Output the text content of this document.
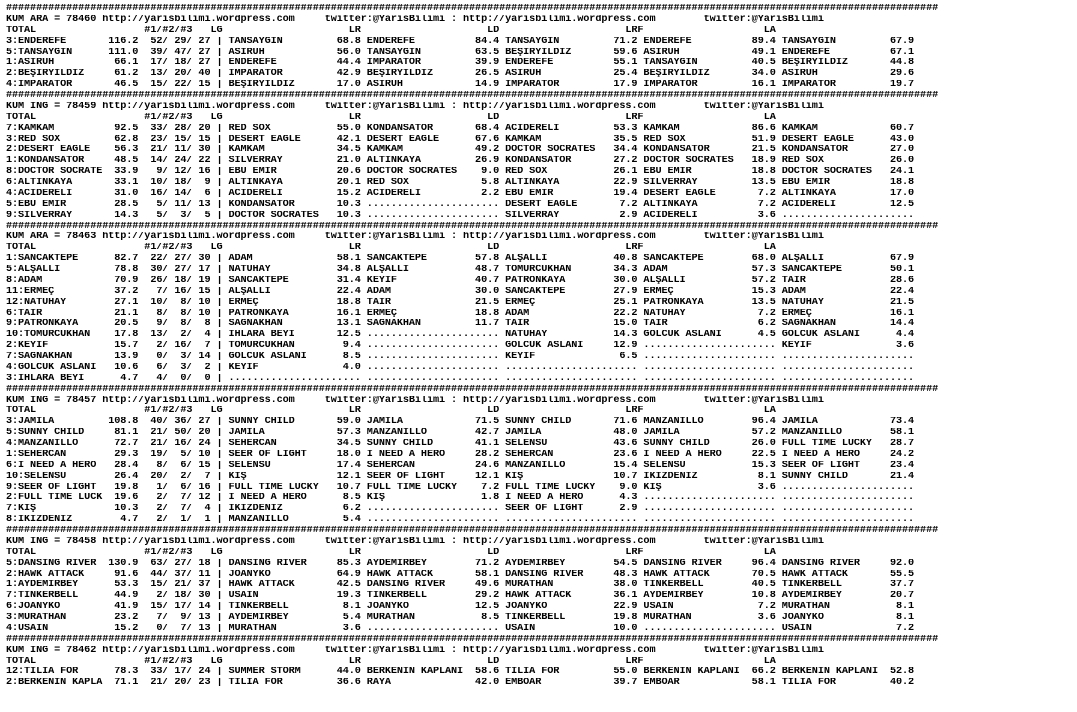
###########################################################################################################################################################
KUM ARA = 78460 http://yarisbilimi.wordpress.com     twitter:@YarisBilimi : http://yarisbilimi.wordpress.com        twitter:@YarisBilimi
TOTAL                  #1/#2/#3   LG                     LR                     LD                     LRF                    LA
3:ENDEREFE       116.2  52/ 29/ 27 | TANSAYGIN         68.8 ENDEREFE          84.4 TANSAYGIN         71.2 ENDEREFE          89.4 TANSAYGIN         67.9
5:TANSAYGIN      111.0  39/ 47/ 27 | ASIRUH            56.0 TANSAYGIN         63.5 BEŞİRYILDIZ       59.6 ASIRUH            49.1 ENDEREFE          67.1
1:ASIRUH          66.1  17/ 18/ 27 | ENDEREFE          44.4 İMPARATOR         39.9 ENDEREFE          55.1 TANSAYGIN         40.5 BEŞİRYILDIZ       44.8
2:BEŞİRYILDIZ     61.2  13/ 20/ 40 | İMPARATOR         42.9 BEŞİRYILDIZ       26.5 ASIRUH            25.4 BEŞİRYILDIZ       34.0 ASIRUH            29.6
4:İMPARATOR       46.5  15/ 22/ 15 | BEŞİRYILDIZ       17.0 ASIRUH            14.9 İMPARATOR         17.9 İMPARATOR         16.1 İMPARATOR         19.7
###########################################################################################################################################################
KUM ING = 78459 http://yarisbilimi.wordpress.com     twitter:@YarisBilimi : http://yarisbilimi.wordpress.com        twitter:@YarisBilimi
TOTAL                  #1/#2/#3   LG                     LR                     LD                     LRF                    LA
7:KAMKAM          92.5  33/ 28/ 20 | RED SOX           55.0 KONDANSATÖR       68.4 ACIDERELİ         53.3 KAMKAM            86.6 KAMKAM            60.7
3:RED SOX         62.8  23/ 15/ 15 | DESERT EAGLE      42.1 DESERT EAGLE      67.6 KAMKAM            35.5 RED SOX           51.9 DESERT EAGLE      43.0
2:DESERT EAGLE    56.3  21/ 11/ 30 | KAMKAM            34.5 KAMKAM            49.2 DOCTOR SOCRATES   34.4 KONDANSATÖR       21.5 KONDANSATÖR       27.0
1:KONDANSATÖR     48.5  14/ 24/ 22 | SILVERRAY         21.0 ALTINKAYA         26.9 KONDANSATÖR       27.2 DOCTOR SOCRATES   18.9 RED SOX           26.0
8:DOCTOR SOCRATE  33.9   9/ 12/ 16 | EBU EMİR          20.6 DOCTOR SOCRATES    9.0 RED SOX           26.1 EBU EMİR          18.8 DOCTOR SOCRATES   24.1
6:ALTINKAYA       33.1  10/ 18/  9 | ALTINKAYA         20.1 RED SOX            5.8 ALTINKAYA         22.9 SILVERRAY         13.5 EBU EMİR          18.8
4:ACIDERELİ       31.0  16/ 14/  6 | ACIDERELİ         15.2 ACIDERELİ          2.2 EBU EMİR          19.4 DESERT EAGLE       7.2 ALTINKAYA         17.0
5:EBU EMİR        28.5   5/ 11/ 13 | KONDANSATÖR       10.3 ...................... DESERT EAGLE       7.2 ALTINKAYA          7.2 ACIDERELİ         12.5
9:SILVERRAY       14.3   5/  3/  5 | DOCTOR SOCRATES   10.3 ...................... SILVERRAY          2.9 ACIDERELİ          3.6 ......................
###########################################################################################################################################################
KUM ARA = 78463 http://yarisbilimi.wordpress.com     twitter:@YarisBilimi : http://yarisbilimi.wordpress.com        twitter:@YarisBilimi
TOTAL                  #1/#2/#3   LG                     LR                     LD                     LRF                    LA
1:SANCAKTEPE      82.7  22/ 27/ 30 | ADAM              58.1 SANCAKTEPE        57.8 ALŞALLI           40.8 SANCAKTEPE        68.0 ALŞALLI           67.9
5:ALŞALLI         78.8  30/ 27/ 17 | NATUHAY           34.8 ALŞALLI           48.7 TOMURCUKHAN       34.3 ADAM              57.3 SANCAKTEPE        50.1
8:ADAM            70.9  26/ 18/ 19 | SANCAKTEPE        31.4 KEYİF             40.7 PATRONKAYA        30.0 ALŞALLI           57.2 TAİR              28.6
11:ERMEÇ          37.2   7/ 16/ 15 | ALŞALLI           22.4 ADAM              30.0 SANCAKTEPE        27.9 ERMEÇ             15.3 ADAM              22.4
12:NATUHAY        27.1  10/  8/ 10 | ERMEÇ             18.8 TAİR              21.5 ERMEÇ             25.1 PATRONKAYA        13.5 NATUHAY           21.5
6:TAİR            21.1   8/  8/ 10 | PATRONKAYA        16.1 ERMEÇ             18.8 ADAM              22.2 NATUHAY            7.2 ERMEÇ             16.1
9:PATRONKAYA      20.5   9/  8/  8 | SAĞNAKHAN         13.1 SAĞNAKHAN         11.7 TAİR              15.0 TAİR               6.2 SAĞNAKHAN         14.4
10:TOMURCUKHAN    17.8  13/  2/  4 | IHLARA BEYİ       12.5 ...................... NATUHAY           14.3 GÖLCÜK ASLANI      4.5 GÖLCÜK ASLANI      4.4
2:KEYİF           15.7   2/ 16/  7 | TOMURCUKHAN        9.4 ...................... GÖLCÜK ASLANI     12.9 ...................... KEYİF              3.6
7:SAĞNAKHAN       13.9   0/  3/ 14 | GÖLCÜK ASLANI      8.5 ...................... KEYİF              6.5 ...................... ......................
4:GÖLCÜK ASLANI   10.6   6/  3/  2 | KEYİF              4.0 ...................... ...................... ...................... ......................
3:IHLARA BEYİ      4.7   4/  0/  0 | ...................... ...................... ...................... ...................... ......................
###########################################################################################################################################################
KUM ING = 78457 http://yarisbilimi.wordpress.com     twitter:@YarisBilimi : http://yarisbilimi.wordpress.com        twitter:@YarisBilimi
TOTAL                  #1/#2/#3   LG                     LR                     LD                     LRF                    LA
3:JAMILA         108.8  40/ 36/ 27 | SUNNY CHILD       59.0 JAMILA            71.5 SUNNY CHILD       71.6 MANZANILLO        96.4 JAMILA            73.4
5:SUNNY CHILD     81.1  21/ 50/ 20 | JAMILA            57.3 MANZANILLO        42.7 JAMILA            48.0 JAMILA            57.2 MANZANILLO        58.1
4:MANZANILLO      72.7  21/ 16/ 24 | SEHERCAN          34.5 SUNNY CHILD       41.1 SELENSU           43.6 SUNNY CHILD       26.0 FULL TIME LUCKY   28.7
1:SEHERCAN        29.3  19/  5/ 10 | SEER OF LIGHT     18.0 I NEED A HERO     28.2 SEHERCAN          23.6 I NEED A HERO     22.5 I NEED A HERO     24.2
6:I NEED A HERO   28.4   8/  6/ 15 | SELENSU           17.4 SEHERCAN          24.6 MANZANILLO        15.4 SELENSU           15.3 SEER OF LIGHT     23.4
10:SELENSU        26.4  20/  2/  7 | KIŞ               12.1 SEER OF LIGHT     12.1 KIŞ               10.7 İKIZDENIZ          8.1 SUNNY CHILD       21.4
9:SEER OF LIGHT   19.8   1/  6/ 16 | FULL TIME LUCKY   10.7 FULL TIME LUCKY    7.2 FULL TIME LUCKY    9.0 KIŞ                3.6 ......................
2:FULL TIME LUCK  19.6   2/  7/ 12 | I NEED A HERO      8.5 KIŞ                1.8 I NEED A HERO      4.3 ...................... ......................
7:KIŞ             10.3   2/  7/  4 | İKIZDENIZ          6.2 ...................... SEER OF LIGHT      2.9 ...................... ......................
8:İKIZDENIZ        4.7   2/  1/  1 | MANZANILLO         5.4 ...................... ...................... ...................... ......................
###########################################################################################################################################################
KUM ING = 78458 http://yarisbilimi.wordpress.com     twitter:@YarisBilimi : http://yarisbilimi.wordpress.com        twitter:@YarisBilimi
TOTAL                  #1/#2/#3   LG                     LR                     LD                     LRF                    LA
5:DANSING RIVER  130.9  63/ 27/ 18 | DANSING RIVER     85.3 AYDEMİRBEY        71.2 AYDEMİRBEY        54.5 DANSING RIVER     96.4 DANSING RIVER     92.0
2:HAWK ATTACK     91.6  44/ 37/ 11 | JOANYKO           64.9 HAWK ATTACK       58.1 DANSING RIVER     48.3 HAWK ATTACK       70.5 HAWK ATTACK       55.5
1:AYDEMİRBEY      53.3  15/ 21/ 37 | HAWK ATTACK       42.5 DANSING RIVER     49.6 MURATHAN          38.0 TINKERBELL        40.5 TINKERBELL        37.7
7:TINKERBELL      44.9   2/ 18/ 30 | USAIN             19.3 TINKERBELL        29.2 HAWK ATTACK       36.1 AYDEMİRBEY        10.8 AYDEMİRBEY        20.7
6:JOANYKO         41.9  15/ 17/ 14 | TINKERBELL         8.1 JOANYKO           12.5 JOANYKO           22.9 USAIN              7.2 MURATHAN           8.1
3:MURATHAN        23.2   7/  9/ 13 | AYDEMİRBEY         5.4 MURATHAN           8.5 TINKERBELL        19.8 MURATHAN           3.6 JOANYKO            8.1
4:USAIN           15.2   0/  7/ 13 | MURATHAN           3.6 ...................... USAIN             10.0 ...................... USAIN              7.2
###########################################################################################################################################################
KUM ING = 78462 http://yarisbilimi.wordpress.com     twitter:@YarisBilimi : http://yarisbilimi.wordpress.com        twitter:@YarisBilimi
TOTAL                  #1/#2/#3   LG                     LR                     LD                     LRF                    LA
12:TILIA FOR      78.3  33/ 17/ 24 | SUMMER STORM      44.0 BERKENIN KAPLANI  58.6 TILIA FOR         55.0 BERKENIN KAPLANI  66.2 BERKENIN KAPLANI  52.8
2:BERKENIN KAPLA  71.1  21/ 20/ 23 | TILIA FOR         36.6 RAYA              42.0 EMBOAR            39.7 EMBOAR            58.1 TILIA FOR         40.2
